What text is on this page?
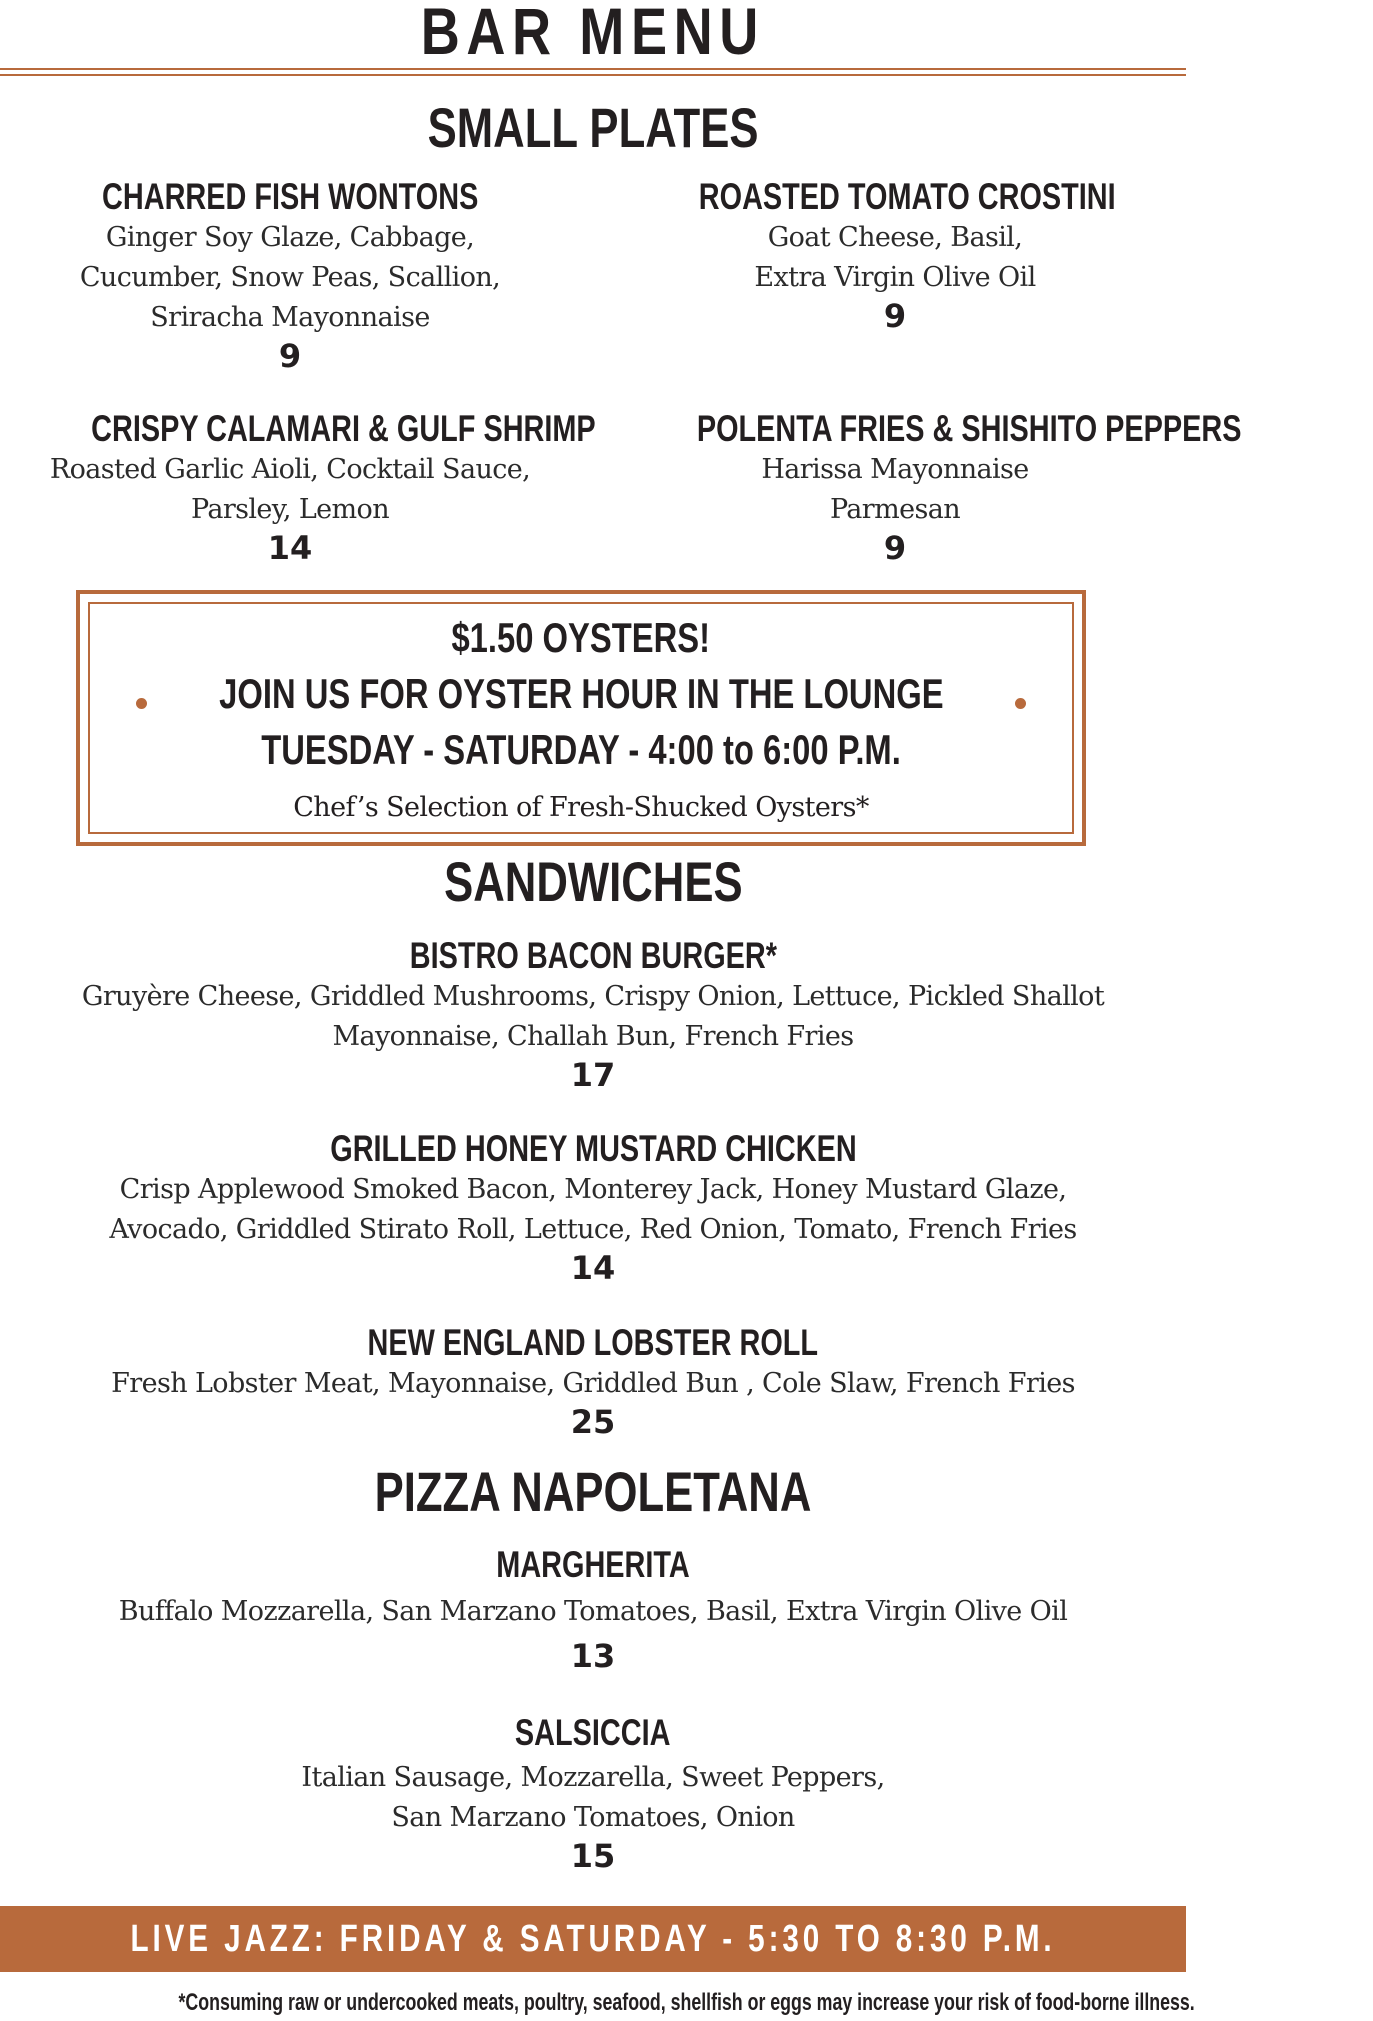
BAR MENU
SMALL PLATES
CHARRED FISH WONTONS
Ginger Soy Glaze, Cabbage,
Cucumber, Snow Peas, Scallion,
Sriracha Mayonnaise
9
ROASTED TOMATO CROSTINI
Goat Cheese, Basil,
Extra Virgin Olive Oil
9
CRISPY CALAMARI & GULF SHRIMP
Roasted Garlic Aioli, Cocktail Sauce,
Parsley, Lemon
14
POLENTA FRIES & SHISHITO PEPPERS
Harissa Mayonnaise
Parmesan
9
$1.50 OYSTERS!
JOIN US FOR OYSTER HOUR IN THE LOUNGE
TUESDAY - SATURDAY - 4:00 to 6:00 P.M.
Chef’s Selection of Fresh-Shucked Oysters*
SANDWICHES
BISTRO BACON BURGER*
Gruyère Cheese, Griddled Mushrooms, Crispy Onion, Lettuce, Pickled Shallot
Mayonnaise, Challah Bun, French Fries
17
GRILLED HONEY MUSTARD CHICKEN
Crisp Applewood Smoked Bacon, Monterey Jack, Honey Mustard Glaze,
Avocado, Griddled Stirato Roll, Lettuce, Red Onion, Tomato, French Fries
14
NEW ENGLAND LOBSTER ROLL
Fresh Lobster Meat, Mayonnaise, Griddled Bun , Cole Slaw, French Fries
25
PIZZA NAPOLETANA
MARGHERITA
Buffalo Mozzarella, San Marzano Tomatoes, Basil, Extra Virgin Olive Oil
13
SALSICCIA
Italian Sausage, Mozzarella, Sweet Peppers,
San Marzano Tomatoes, Onion
15
LIVE JAZZ: FRIDAY & SATURDAY - 5:30 TO 8:30 P.M.
*Consuming raw or undercooked meats, poultry, seafood, shellfish or eggs may increase your risk of food-borne illness.
